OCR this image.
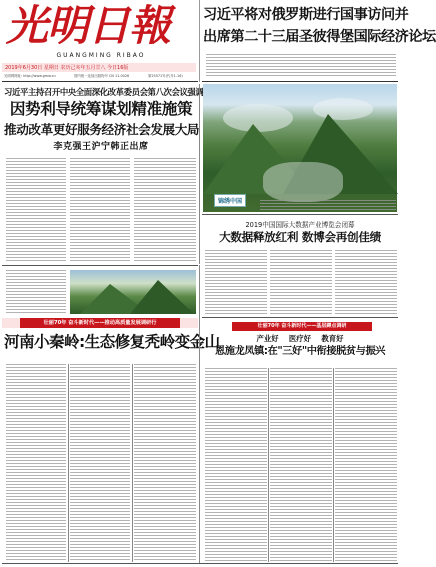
光明日報
GUANGMING RIBAO
2019年6月30日 星期日 农历己亥年五月廿八 今日16版
光明网网址: http://www.gmw.cn	国内统一连续出版物号 CN 11-0026	第25571号(代号1-16)
习近平将对俄罗斯进行国事访问并
出席第二十三届圣彼得堡国际经济论坛
习近平主持召开中央全面深化改革委员会第八次会议强调
因势利导统筹谋划精准施策
推动改革更好服务经济社会发展大局
李克强王沪宁韩正出席
锦绣中国
2019中国国际大数据产业博览会闭幕
大数据释放红利 数博会再创佳绩
壮丽70年 奋斗新时代——基层蹲点调研
产业好    医疗好    教育好
恩施龙凤镇:在"三好"中衔接脱贫与振兴
壮丽70年 奋斗新时代——推动高质量发展调研行
河南小秦岭:生态修复秃岭变金山
